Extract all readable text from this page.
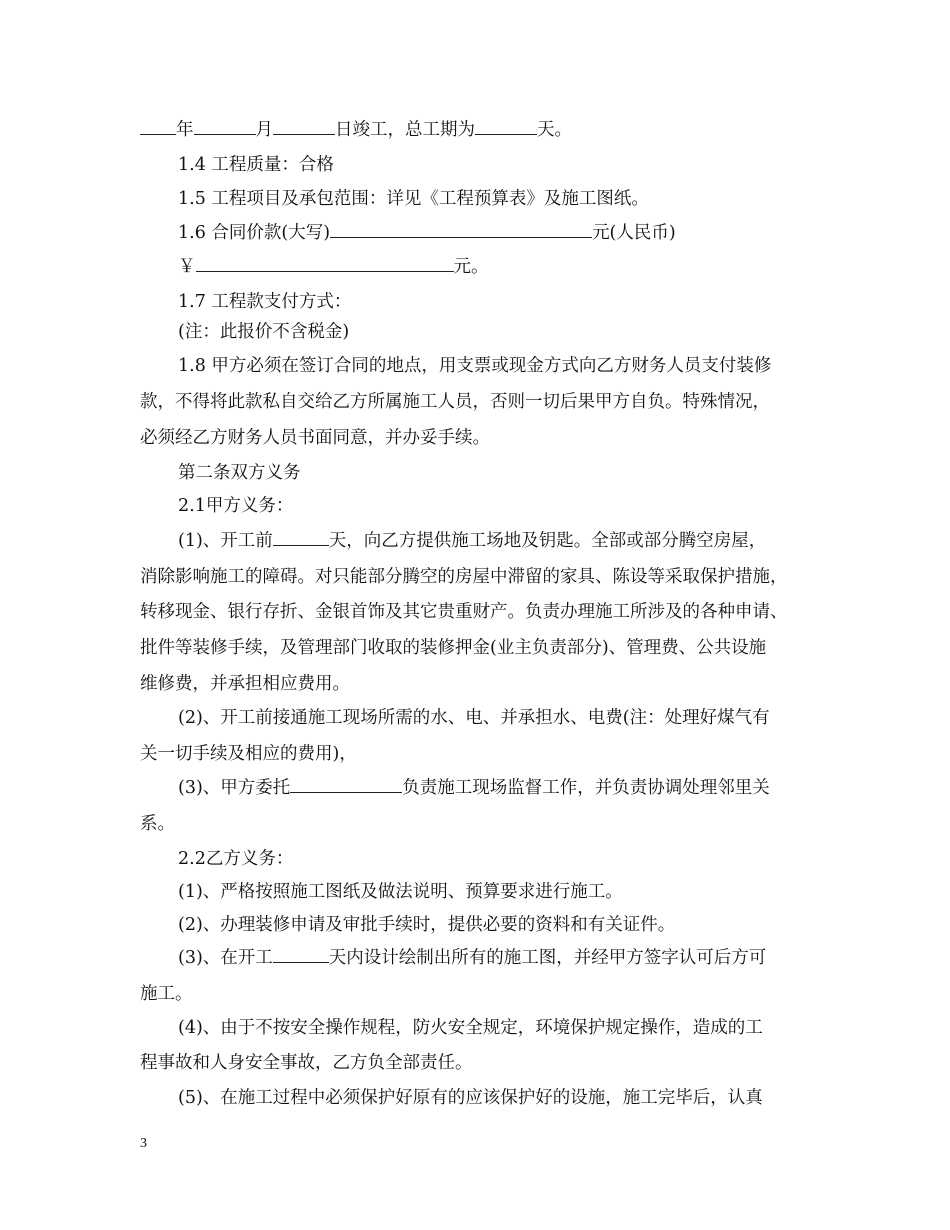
年	月	日竣工，总工期为	天。
1.4 工程质量：合格
1.5 工程项目及承包范围：详见《工程预算表》及施工图纸。
1.6 合同价款(大写)	元(人民币)
￥	元。
1.7 工程款支付方式：
(注：此报价不含税金)
1.8 甲方必须在签订合同的地点，用支票或现金方式向乙方财务人员支付装修
款，不得将此款私自交给乙方所属施工人员，否则一切后果甲方自负。特殊情况，
必须经乙方财务人员书面同意，并办妥手续。
第二条双方义务
2.1甲方义务：
(1)、开工前	天，向乙方提供施工场地及钥匙。全部或部分腾空房屋，
消除影响施工的障碍。对只能部分腾空的房屋中滞留的家具、陈设等采取保护措施，
转移现金、银行存折、金银首饰及其它贵重财产。负责办理施工所涉及的各种申请、
批件等装修手续，及管理部门收取的装修押金(业主负责部分)、管理费、公共设施
维修费，并承担相应费用。
(2)、开工前接通施工现场所需的水、电、并承担水、电费(注：处理好煤气有
关一切手续及相应的费用)，
(3)、甲方委托	负责施工现场监督工作，并负责协调处理邻里关
系。
2.2乙方义务：
(1)、严格按照施工图纸及做法说明、预算要求进行施工。
(2)、办理装修申请及审批手续时，提供必要的资料和有关证件。
(3)、在开工	天内设计绘制出所有的施工图，并经甲方签字认可后方可
施工。
(4)、由于不按安全操作规程，防火安全规定，环境保护规定操作，造成的工
程事故和人身安全事故，乙方负全部责任。
(5)、在施工过程中必须保护好原有的应该保护好的设施，施工完毕后，认真
3
